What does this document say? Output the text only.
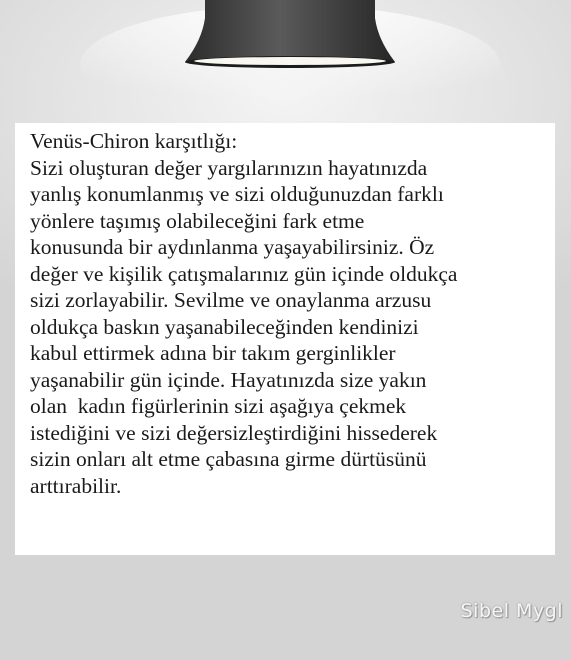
Venüs-Chiron karşıtlığı:
Sizi oluşturan değer yargılarınızın hayatınızda
yanlış konumlanmış ve sizi olduğunuzdan farklı
yönlere taşımış olabileceğini fark etme
konusunda bir aydınlanma yaşayabilirsiniz. Öz
değer ve kişilik çatışmalarınız gün içinde oldukça
sizi zorlayabilir. Sevilme ve onaylanma arzusu
oldukça baskın yaşanabileceğinden kendinizi
kabul ettirmek adına bir takım gerginlikler
yaşanabilir gün içinde. Hayatınızda size yakın
olan  kadın figürlerinin sizi aşağıya çekmek
istediğini ve sizi değersizleştirdiğini hissederek
sizin onları alt etme çabasına girme dürtüsünü
arttırabilir.
Sibel Mygl
